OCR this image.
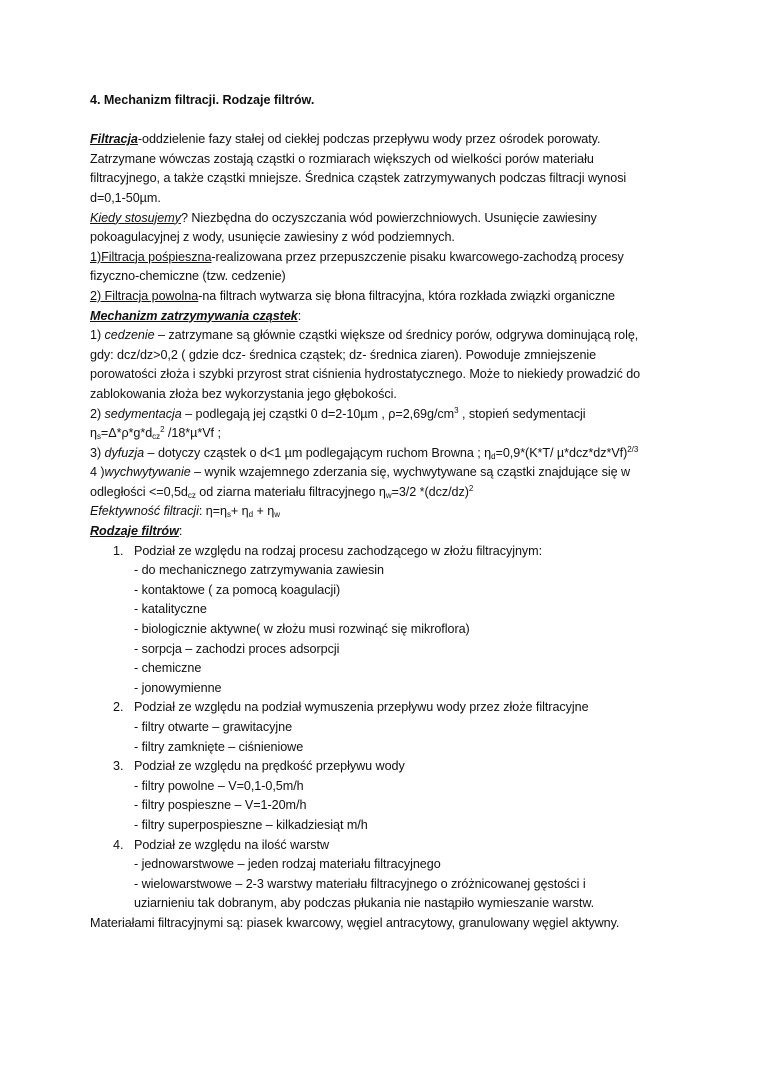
4. Mechanizm filtracji. Rodzaje filtrów.
Filtracja-oddzielenie fazy stałej od ciekłej podczas przepływu wody przez ośrodek porowaty.
Zatrzymane wówczas zostają cząstki o rozmiarach większych od wielkości porów materiału
filtracyjnego, a także cząstki mniejsze. Średnica cząstek zatrzymywanych podczas filtracji wynosi
d=0,1-50µm.
Kiedy stosujemy? Niezbędna do oczyszczania wód powierzchniowych. Usunięcie zawiesiny
pokoagulacyjnej z wody, usunięcie zawiesiny z wód podziemnych.
1)Filtracja pośpieszna-realizowana przez przepuszczenie pisaku kwarcowego-zachodzą procesy
fizyczno-chemiczne (tzw. cedzenie)
2) Filtracja powolna-na filtrach wytwarza się błona filtracyjna, która rozkłada związki organiczne
Mechanizm zatrzymywania cząstek:
1) cedzenie – zatrzymane są głównie cząstki większe od średnicy porów, odgrywa dominującą rolę,
gdy: dcz/dz>0,2 ( gdzie dcz- średnica cząstek; dz- średnica ziaren). Powoduje zmniejszenie
porowatości złoża i szybki przyrost strat ciśnienia hydrostatycznego. Może to niekiedy prowadzić do
zablokowania złoża bez wykorzystania jego głębokości.
2) sedymentacja – podlegają jej cząstki 0 d=2-10µm , $\rho=2,69g/cm^3$ , stopień sedymentacji
$\eta_s=\Delta*\rho*g*d_{cz}^2$ /18*µ*Vf ;
3) dyfuzja – dotyczy cząstek o d<1 µm podlegającym ruchom Browna ; $\eta_d=0,9*(K*T/$ µ*dcz*dz*Vf)$^{2/3}$
4 )wychwytywanie – wynik wzajemnego zderzania się, wychwytywane są cząstki znajdujące się w
odległości $<=0,5d_{cz}$ od ziarna materiału filtracyjnego $\eta_w=3/2$ $*(dcz/dz)^2$
Efektywność filtracji: $\eta=\eta_s+ \eta_d + \eta_w$
Rodzaje filtrów:
1. Podział ze względu na rodzaj procesu zachodzącego w złożu filtracyjnym:
- do mechanicznego zatrzymywania zawiesin
- kontaktowe ( za pomocą koagulacji)
- katalityczne
- biologicznie aktywne( w złożu musi rozwinąć się mikroflora)
- sorpcja – zachodzi proces adsorpcji
- chemiczne
- jonowymienne
2. Podział ze względu na podział wymuszenia przepływu wody przez złoże filtracyjne
- filtry otwarte – grawitacyjne
- filtry zamknięte – ciśnieniowe
3. Podział ze względu na prędkość przepływu wody
- filtry powolne – V=0,1-0,5m/h
- filtry pospieszne – V=1-20m/h
- filtry superpospieszne – kilkadziesiąt m/h
4. Podział ze względu na ilość warstw
- jednowarstwowe – jeden rodzaj materiału filtracyjnego
- wielowarstwowe – 2-3 warstwy materiału filtracyjnego o zróżnicowanej gęstości i
uziarnieniu tak dobranym, aby podczas płukania nie nastąpiło wymieszanie warstw.
Materiałami filtracyjnymi są: piasek kwarcowy, węgiel antracytowy, granulowany węgiel aktywny.
